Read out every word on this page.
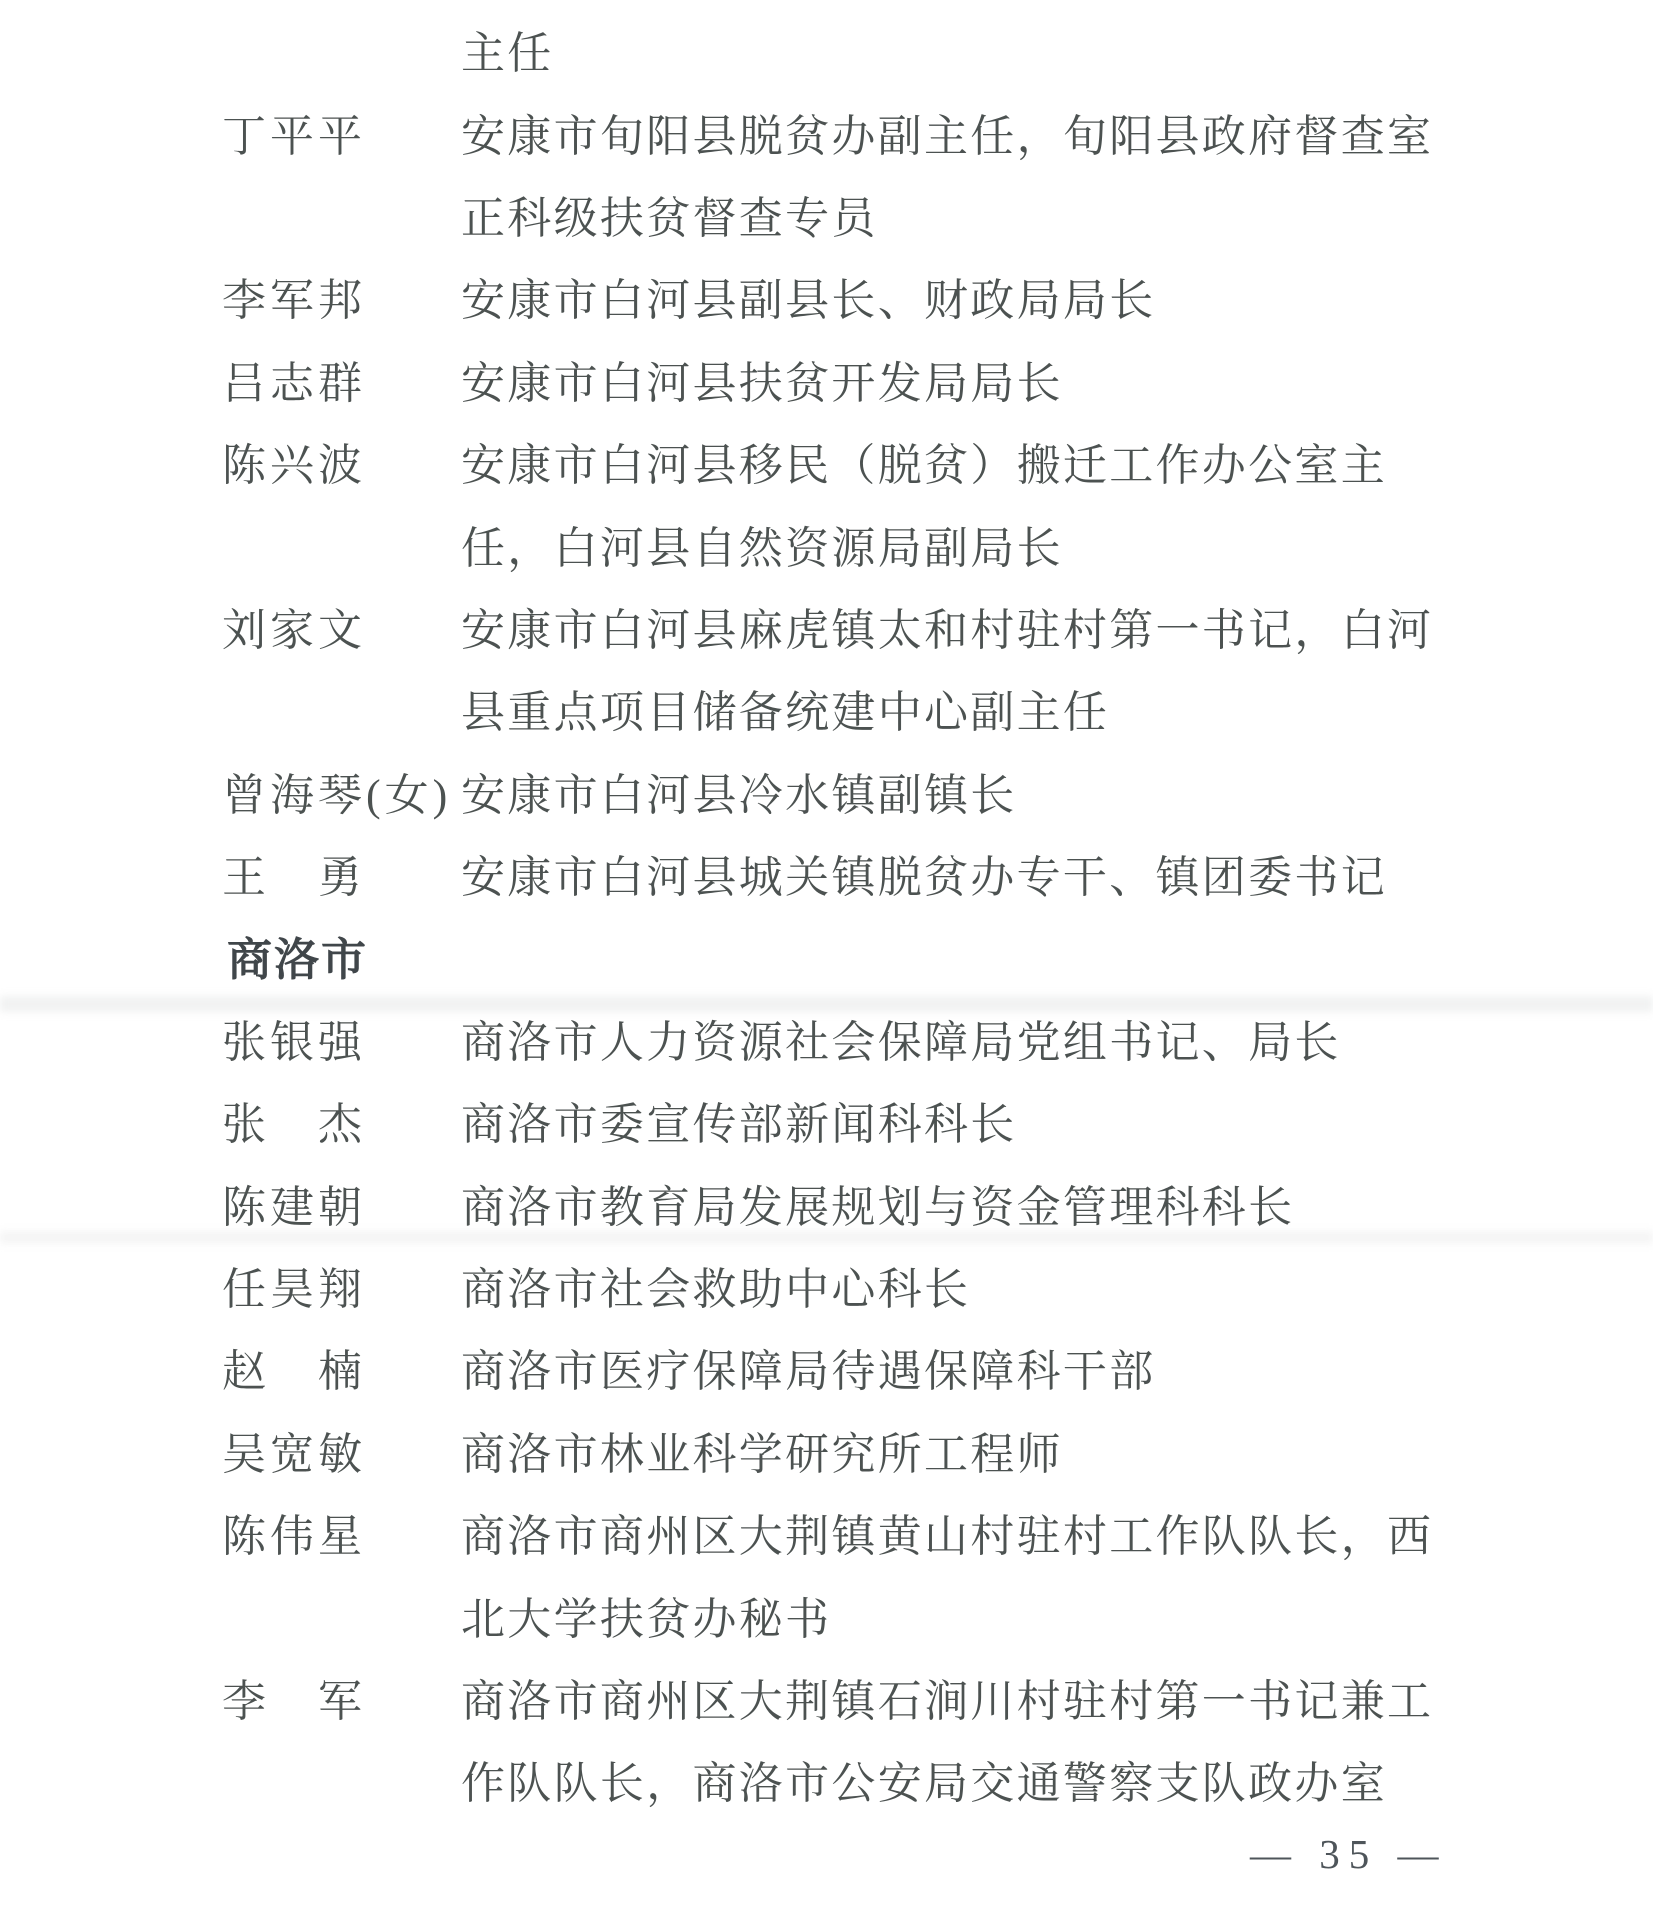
主任
丁平平	安康市旬阳县脱贫办副主任，旬阳县政府督查室
正科级扶贫督查专员
李军邦	安康市白河县副县长、财政局局长
吕志群	安康市白河县扶贫开发局局长
陈兴波	安康市白河县移民（脱贫）搬迁工作办公室主
任，白河县自然资源局副局长
刘家文	安康市白河县麻虎镇太和村驻村第一书记，白河
县重点项目储备统建中心副主任
曾海琴(女) 安康市白河县冷水镇副镇长
王　勇	安康市白河县城关镇脱贫办专干、镇团委书记
商洛市
张银强	商洛市人力资源社会保障局党组书记、局长
张　杰	商洛市委宣传部新闻科科长
陈建朝	商洛市教育局发展规划与资金管理科科长
任昊翔	商洛市社会救助中心科长
赵　楠	商洛市医疗保障局待遇保障科干部
吴宽敏	商洛市林业科学研究所工程师
陈伟星	商洛市商州区大荆镇黄山村驻村工作队队长，西
北大学扶贫办秘书
李　军	商洛市商州区大荆镇石涧川村驻村第一书记兼工
作队队长，商洛市公安局交通警察支队政办室
— 35 —
